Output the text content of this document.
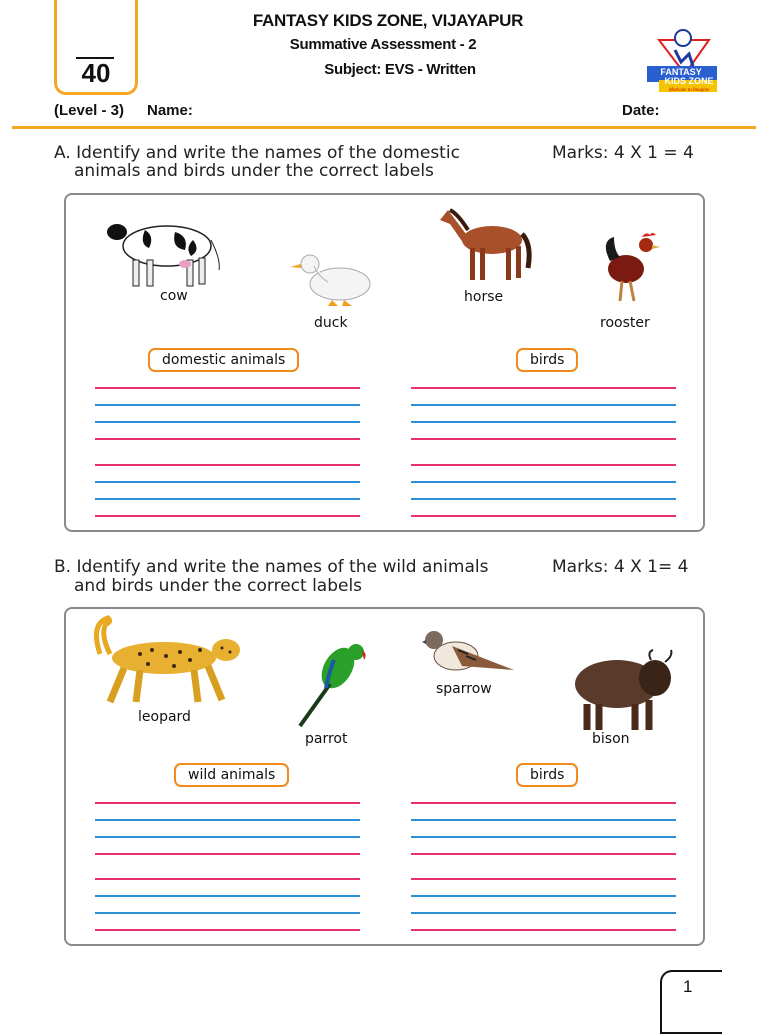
40
FANTASY KIDS ZONE, VIJAYAPUR
Summative Assessment - 2
Subject: EVS - Written	FANTASY
KIDS ZONE
Motivate to Imagine
(Level - 3) Name:	Date:
A. Identify and write the names of the domestic
animals and birds under the correct labels
Marks: 4 X 1 = 4
cow
duck
horse
rooster
domestic animals	birds
B. Identify and write the names of the wild animals
and birds under the correct labels
Marks: 4 X 1= 4
leopard
parrot
sparrow
bison
wild animals	birds
1
